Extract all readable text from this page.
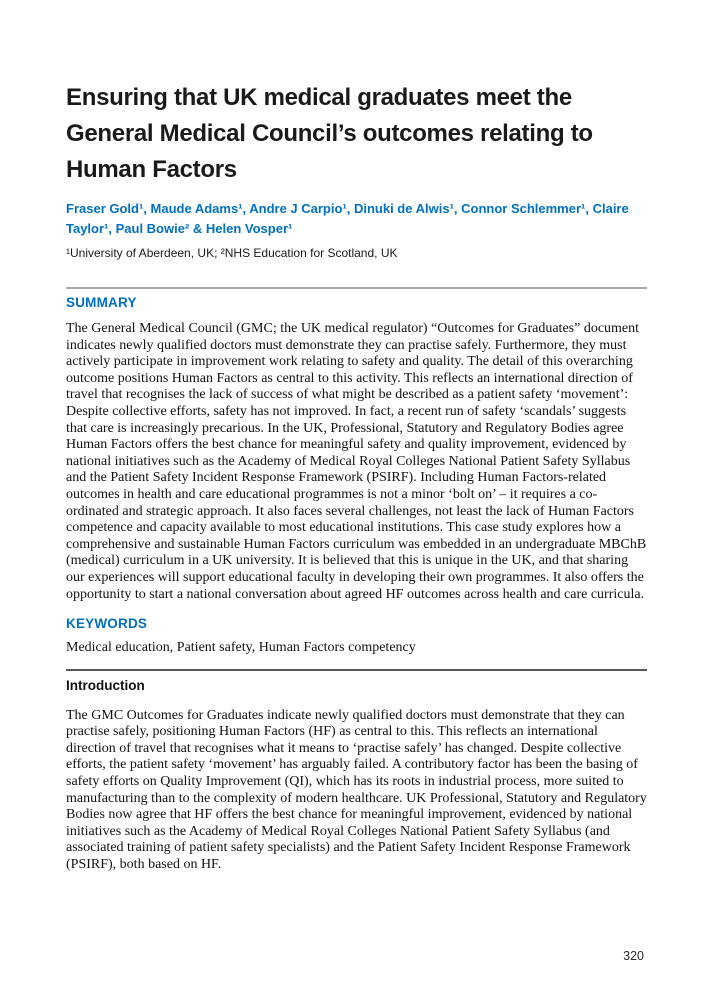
Ensuring that UK medical graduates meet the
General Medical Council’s outcomes relating to
Human Factors
Fraser Gold¹, Maude Adams¹, Andre J Carpio¹, Dinuki de Alwis¹, Connor Schlemmer¹, Claire
Taylor¹, Paul Bowie² & Helen Vosper¹
¹University of Aberdeen, UK; ²NHS Education for Scotland, UK
SUMMARY
The General Medical Council (GMC; the UK medical regulator) “Outcomes for Graduates” document indicates newly qualified doctors must demonstrate they can practise safely. Furthermore, they must actively participate in improvement work relating to safety and quality. The detail of this overarching outcome positions Human Factors as central to this activity. This reflects an international direction of travel that recognises the lack of success of what might be described as a patient safety ‘movement’: Despite collective efforts, safety has not improved. In fact, a recent run of safety ‘scandals’ suggests that care is increasingly precarious. In the UK, Professional, Statutory and Regulatory Bodies agree Human Factors offers the best chance for meaningful safety and quality improvement, evidenced by national initiatives such as the Academy of Medical Royal Colleges National Patient Safety Syllabus and the Patient Safety Incident Response Framework (PSIRF). Including Human Factors-related outcomes in health and care educational programmes is not a minor ‘bolt on’ – it requires a co-ordinated and strategic approach. It also faces several challenges, not least the lack of Human Factors competence and capacity available to most educational institutions. This case study explores how a comprehensive and sustainable Human Factors curriculum was embedded in an undergraduate MBChB (medical) curriculum in a UK university. It is believed that this is unique in the UK, and that sharing our experiences will support educational faculty in developing their own programmes. It also offers the opportunity to start a national conversation about agreed HF outcomes across health and care curricula.
KEYWORDS
Medical education, Patient safety, Human Factors competency
Introduction
The GMC Outcomes for Graduates indicate newly qualified doctors must demonstrate that they can practise safely, positioning Human Factors (HF) as central to this. This reflects an international direction of travel that recognises what it means to ‘practise safely’ has changed. Despite collective efforts, the patient safety ‘movement’ has arguably failed. A contributory factor has been the basing of safety efforts on Quality Improvement (QI), which has its roots in industrial process, more suited to manufacturing than to the complexity of modern healthcare. UK Professional, Statutory and Regulatory Bodies now agree that HF offers the best chance for meaningful improvement, evidenced by national initiatives such as the Academy of Medical Royal Colleges National Patient Safety Syllabus (and associated training of patient safety specialists) and the Patient Safety Incident Response Framework (PSIRF), both based on HF.
320
